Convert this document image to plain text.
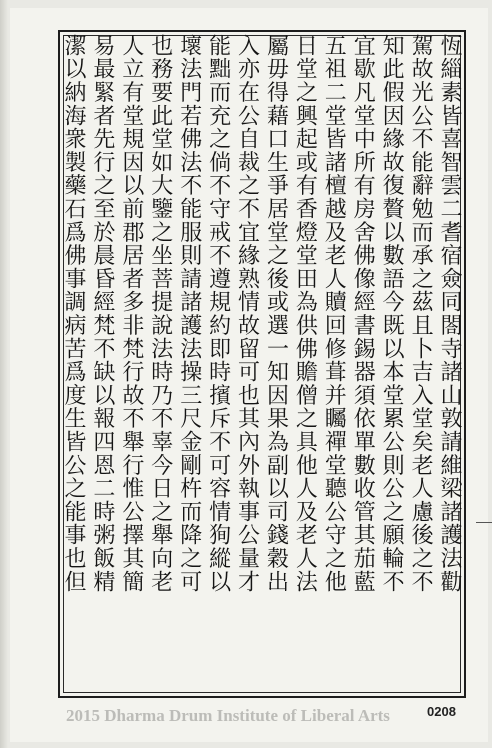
恆緇素皆喜智雲二耆宿僉同閤寺諸山敦請維梁諸護法勸
駕故光公不能辭勉而承之茲且卜吉入堂矣老人慮後之不
知此假因緣故復贅以數語今既以本堂累公則公之願輪不
宜歇凡堂中所有房舍佛像經書錫器須依單數收管其茄藍
五祖二堂皆諸檀越及老人贖回修葺并矚禪堂聽公守之他
日堂之興起或有香燈堂田為供佛贍僧之具他人及老人法
屬毋得藉口生爭居堂之後或選一知因果為副以司錢穀出
入亦在公自裁之不宜緣熟情故留可也其內外執事公量才
能黜而充之倘不守戒不遵規約即時擯斥不可容情狥縱以
壞法門若佛法不能服則請諸護法操三尺金剛杵而降之可
也務要此堂如大鑒之坐菩提說法時乃不辜今日之舉向老
人立有堂規因以前郡居者多非梵行故不舉行惟公擇其簡
易最緊者先行之至於晨昏經梵不缺以報四恩二時粥飯精
潔以納海衆製藥石爲佛事調病苦爲度生皆公之能事也但
2015 Dharma Drum Institute of Liberal Arts	0208
